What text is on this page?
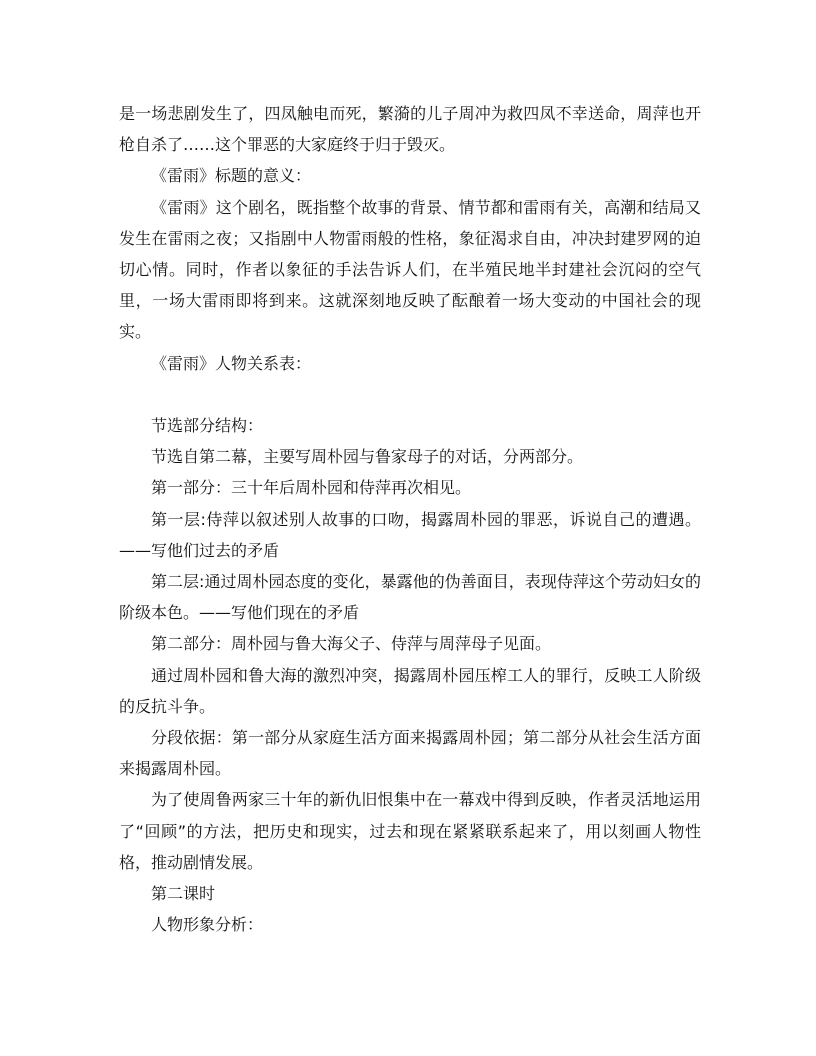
是一场悲剧发生了，四凤触电而死，繁漪的儿子周冲为救四凤不幸送命，周萍也开枪自杀了……这个罪恶的大家庭终于归于毁灭。

《雷雨》标题的意义：

《雷雨》这个剧名，既指整个故事的背景、情节都和雷雨有关，高潮和结局又发生在雷雨之夜；又指剧中人物雷雨般的性格，象征渴求自由，冲决封建罗网的迫切心情。同时，作者以象征的手法告诉人们，在半殖民地半封建社会沉闷的空气里，一场大雷雨即将到来。这就深刻地反映了酝酿着一场大变动的中国社会的现实。

《雷雨》人物关系表：

节选部分结构：

节选自第二幕，主要写周朴园与鲁家母子的对话，分两部分。

第一部分：三十年后周朴园和侍萍再次相见。

第一层:侍萍以叙述别人故事的口吻，揭露周朴园的罪恶，诉说自己的遭遇。——写他们过去的矛盾

第二层:通过周朴园态度的变化，暴露他的伪善面目，表现侍萍这个劳动妇女的阶级本色。——写他们现在的矛盾

第二部分：周朴园与鲁大海父子、侍萍与周萍母子见面。

通过周朴园和鲁大海的激烈冲突，揭露周朴园压榨工人的罪行，反映工人阶级的反抗斗争。

分段依据：第一部分从家庭生活方面来揭露周朴园；第二部分从社会生活方面来揭露周朴园。

为了使周鲁两家三十年的新仇旧恨集中在一幕戏中得到反映，作者灵活地运用了“回顾”的方法，把历史和现实，过去和现在紧紧联系起来了，用以刻画人物性格，推动剧情发展。

第二课时

人物形象分析：
